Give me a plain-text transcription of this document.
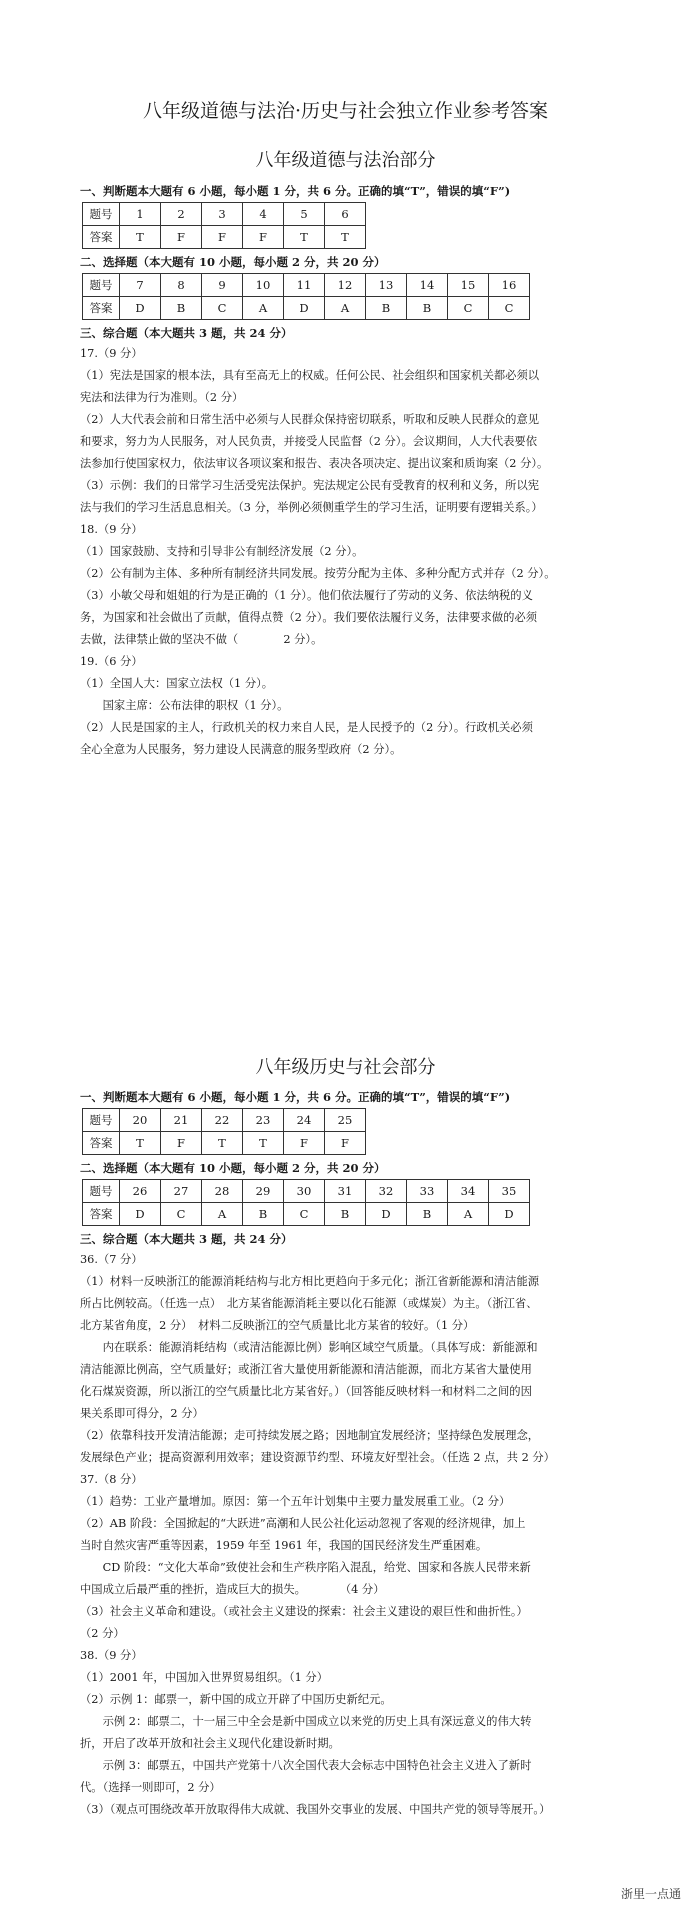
八年级道德与法治·历史与社会独立作业参考答案
八年级道德与法治部分
一、判断题本大题有 6 小题，每小题 1 分，共 6 分。正确的填“T”，错误的填“F”)
题号	1	2	3	4	5	6
答案	T	F	F	F	T	T
二、选择题（本大题有 10 小题，每小题 2 分，共 20 分）
题号	7	8	9	10	11	12	13	14	15	16
答案	D	B	C	A	D	A	B	B	C	C
三、综合题（本大题共 3 题，共 24 分）
17.（9 分）
（1）宪法是国家的根本法，具有至高无上的权威。任何公民、社会组织和国家机关都必须以
宪法和法律为行为准则。（2 分）
（2）人大代表会前和日常生活中必须与人民群众保持密切联系，听取和反映人民群众的意见
和要求，努力为人民服务，对人民负责，并接受人民监督（2 分）。会议期间，人大代表要依
法参加行使国家权力，依法审议各项议案和报告、表决各项决定、提出议案和质询案（2 分）。
（3）示例：我们的日常学习生活受宪法保护。宪法规定公民有受教育的权利和义务，所以宪
法与我们的学习生活息息相关。（3 分，举例必须侧重学生的学习生活，证明要有逻辑关系。）
18.（9 分）
（1）国家鼓励、支持和引导非公有制经济发展（2 分）。
（2）公有制为主体、多种所有制经济共同发展。按劳分配为主体、多种分配方式并存（2 分）。
（3）小敏父母和姐姐的行为是正确的（1 分）。他们依法履行了劳动的义务、依法纳税的义
务，为国家和社会做出了贡献，值得点赞（2 分）。我们要依法履行义务，法律要求做的必须
去做，法律禁止做的坚决不做（　　　　2 分）。
19.（6 分）
（1）全国人大：国家立法权（1 分）。
　　国家主席：公布法律的职权（1 分）。
（2）人民是国家的主人，行政机关的权力来自人民，是人民授予的（2 分）。行政机关必须
全心全意为人民服务，努力建设人民满意的服务型政府（2 分）。
八年级历史与社会部分
一、判断题本大题有 6 小题，每小题 1 分，共 6 分。正确的填“T”，错误的填“F”)
题号	20	21	22	23	24	25
答案	T	F	T	T	F	F
二、选择题（本大题有 10 小题，每小题 2 分，共 20 分）
题号	26	27	28	29	30	31	32	33	34	35
答案	D	C	A	B	C	B	D	B	A	D
三、综合题（本大题共 3 题，共 24 分）
36.（7 分）
（1）材料一反映浙江的能源消耗结构与北方相比更趋向于多元化；浙江省新能源和清洁能源
所占比例较高。（任选一点）　北方某省能源消耗主要以化石能源（或煤炭）为主。（浙江省、
北方某省角度，2 分）　材料二反映浙江的空气质量比北方某省的较好。（1 分）
　　内在联系：能源消耗结构（或清洁能源比例）影响区域空气质量。（具体写成：新能源和
清洁能源比例高，空气质量好；或浙江省大量使用新能源和清洁能源，而北方某省大量使用
化石煤炭资源，所以浙江的空气质量比北方某省好。）（回答能反映材料一和材料二之间的因
果关系即可得分，2 分）
（2）依靠科技开发清洁能源；走可持续发展之路；因地制宜发展经济；坚持绿色发展理念，
发展绿色产业；提高资源利用效率；建设资源节约型、环境友好型社会。（任选 2 点，共 2 分）
37.（8 分）
（1）趋势：工业产量增加。原因：第一个五年计划集中主要力量发展重工业。（2 分）
（2）AB 阶段：全国掀起的“大跃进”高潮和人民公社化运动忽视了客观的经济规律，加上
当时自然灾害严重等因素，1959 年至 1961 年，我国的国民经济发生严重困难。
　　CD 阶段：“文化大革命”致使社会和生产秩序陷入混乱，给党、国家和各族人民带来新
中国成立后最严重的挫折，造成巨大的损失。　　　　（4 分）
（3）社会主义革命和建设。（或社会主义建设的探索：社会主义建设的艰巨性和曲折性。）
（2 分）
38.（9 分）
（1）2001 年，中国加入世界贸易组织。（1 分）
（2）示例 1：邮票一，新中国的成立开辟了中国历史新纪元。
　　示例 2：邮票二，十一届三中全会是新中国成立以来党的历史上具有深远意义的伟大转
折，开启了改革开放和社会主义现代化建设新时期。
　　示例 3：邮票五，中国共产党第十八次全国代表大会标志中国特色社会主义进入了新时
代。（选择一则即可，2 分）
（3）（观点可围绕改革开放取得伟大成就、我国外交事业的发展、中国共产党的领导等展开。）
浙里一点通
